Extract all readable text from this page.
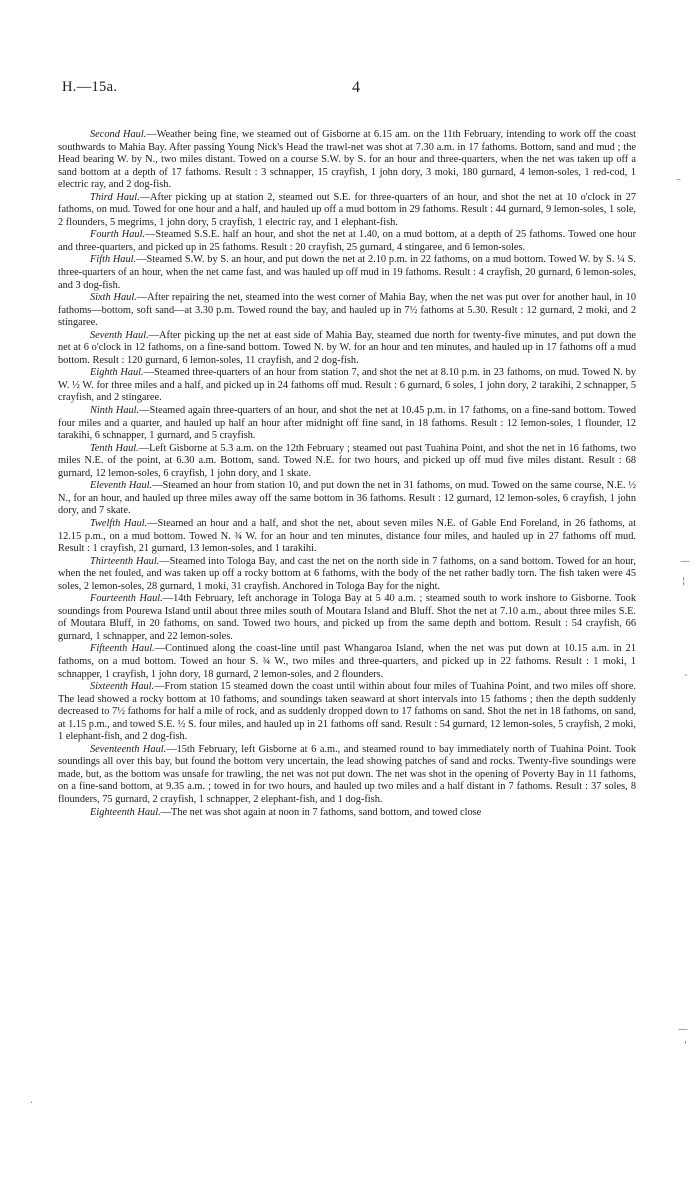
H.—15a.	4

Second Haul.—Weather being fine, we steamed out of Gisborne at 6.15 am. on the 11th February, intending to work off the coast southwards to Mahia Bay. After passing Young Nick's Head the trawl-net was shot at 7.30 a.m. in 17 fathoms. Bottom, sand and mud ; the Head bearing W. by N., two miles distant. Towed on a course S.W. by S. for an hour and three-quarters, when the net was taken up off a sand bottom at a depth of 17 fathoms. Result : 3 schnapper, 15 crayfish, 1 john dory, 3 moki, 180 gurnard, 4 lemon-soles, 1 red-cod, 1 electric ray, and 2 dog-fish.

Third Haul.—After picking up at station 2, steamed out S.E. for three-quarters of an hour, and shot the net at 10 o'clock in 27 fathoms, on mud. Towed for one hour and a half, and hauled up off a mud bottom in 29 fathoms. Result : 44 gurnard, 9 lemon-soles, 1 sole, 2 flounders, 5 megrims, 1 john dory, 5 crayfish, 1 electric ray, and 1 elephant-fish.

Fourth Haul.—Steamed S.S.E. half an hour, and shot the net at 1.40, on a mud bottom, at a depth of 25 fathoms. Towed one hour and three-quarters, and picked up in 25 fathoms. Result : 20 crayfish, 25 gurnard, 4 stingaree, and 6 lemon-soles.

Fifth Haul.—Steamed S.W. by S. an hour, and put down the net at 2.10 p.m. in 22 fathoms, on a mud bottom. Towed W. by S. ¼ S. three-quarters of an hour, when the net came fast, and was hauled up off mud in 19 fathoms. Result : 4 crayfish, 20 gurnard, 6 lemon-soles, and 3 dog-fish.

Sixth Haul.—After repairing the net, steamed into the west corner of Mahia Bay, when the net was put over for another haul, in 10 fathoms—bottom, soft sand—at 3.30 p.m. Towed round the bay, and hauled up in 7½ fathoms at 5.30. Result : 12 gurnard, 2 moki, and 2 stingaree.

Seventh Haul.—After picking up the net at east side of Mahia Bay, steamed due north for twenty-five minutes, and put down the net at 6 o'clock in 12 fathoms, on a fine-sand bottom. Towed N. by W. for an hour and ten minutes, and hauled up in 17 fathoms off a mud bottom. Result : 120 gurnard, 6 lemon-soles, 11 crayfish, and 2 dog-fish.

Eighth Haul.—Steamed three-quarters of an hour from station 7, and shot the net at 8.10 p.m. in 23 fathoms, on mud. Towed N. by W. ½ W. for three miles and a half, and picked up in 24 fathoms off mud. Result : 6 gurnard, 6 soles, 1 john dory, 2 tarakihi, 2 schnapper, 5 crayfish, and 2 stingaree.

Ninth Haul.—Steamed again three-quarters of an hour, and shot the net at 10.45 p.m. in 17 fathoms, on a fine-sand bottom. Towed four miles and a quarter, and hauled up half an hour after midnight off fine sand, in 18 fathoms. Result : 12 lemon-soles, 1 flounder, 12 tarakihi, 6 schnapper, 1 gurnard, and 5 crayfish.

Tenth Haul.—Left Gisborne at 5.3 a.m. on the 12th February ; steamed out past Tuahina Point, and shot the net in 16 fathoms, two miles N.E. of the point, at 6.30 a.m. Bottom, sand. Towed N.E. for two hours, and picked up off mud five miles distant. Result : 68 gurnard, 12 lemon-soles, 6 crayfish, 1 john dory, and 1 skate.

Eleventh Haul.—Steamed an hour from station 10, and put down the net in 31 fathoms, on mud. Towed on the same course, N.E. ½ N., for an hour, and hauled up three miles away off the same bottom in 36 fathoms. Result : 12 gurnard, 12 lemon-soles, 6 crayfish, 1 john dory, and 7 skate.

Twelfth Haul.—Steamed an hour and a half, and shot the net, about seven miles N.E. of Gable End Foreland, in 26 fathoms, at 12.15 p.m., on a mud bottom. Towed N. ¾ W. for an hour and ten minutes, distance four miles, and hauled up in 27 fathoms off mud. Result : 1 crayfish, 21 gurnard, 13 lemon-soles, and 1 tarakihi.

Thirteenth Haul.—Steamed into Tologa Bay, and cast the net on the north side in 7 fathoms, on a sand bottom. Towed for an hour, when the net fouled, and was taken up off a rocky bottom at 6 fathoms, with the body of the net rather badly torn. The fish taken were 45 soles, 2 lemon-soles, 28 gurnard, 1 moki, 31 crayfish. Anchored in Tologa Bay for the night.

Fourteenth Haul.—14th February, left anchorage in Tologa Bay at 5 40 a.m. ; steamed south to work inshore to Gisborne. Took soundings from Pourewa Island until about three miles south of Moutara Island and Bluff. Shot the net at 7.10 a.m., about three miles S.E. of Moutara Bluff, in 20 fathoms, on sand. Towed two hours, and picked up from the same depth and bottom. Result : 54 crayfish, 66 gurnard, 1 schnapper, and 22 lemon-soles.

Fifteenth Haul.—Continued along the coast-line until past Whangaroa Island, when the net was put down at 10.15 a.m. in 21 fathoms, on a mud bottom. Towed an hour S. ¾ W., two miles and three-quarters, and picked up in 22 fathoms. Result : 1 moki, 1 schnapper, 1 crayfish, 1 john dory, 18 gurnard, 2 lemon-soles, and 2 flounders.

Sixteenth Haul.—From station 15 steamed down the coast until within about four miles of Tuahina Point, and two miles off shore. The lead showed a rocky bottom at 10 fathoms, and soundings taken seaward at short intervals into 15 fathoms ; then the depth suddenly decreased to 7½ fathoms for half a mile of rock, and as suddenly dropped down to 17 fathoms on sand. Shot the net in 18 fathoms, on sand, at 1.15 p.m., and towed S.E. ½ S. four miles, and hauled up in 21 fathoms off sand. Result : 54 gurnard, 12 lemon-soles, 5 crayfish, 2 moki, 1 elephant-fish, and 2 dog-fish.

Seventeenth Haul.—15th February, left Gisborne at 6 a.m., and steamed round to bay immediately north of Tuahina Point. Took soundings all over this bay, but found the bottom very uncertain, the lead showing patches of sand and rocks. Twenty-five soundings were made, but, as the bottom was unsafe for trawling, the net was not put down. The net was shot in the opening of Poverty Bay in 11 fathoms, on a fine-sand bottom, at 9.35 a.m. ; towed in for two hours, and hauled up two miles and a half distant in 7 fathoms. Result : 37 soles, 8 flounders, 75 gurnard, 2 crayfish, 1 schnapper, 2 elephant-fish, and 1 dog-fish.

Eighteenth Haul.—The net was shot again at noon in 7 fathoms, sand bottom, and towed close

–
—
¦
-
—
'
·
